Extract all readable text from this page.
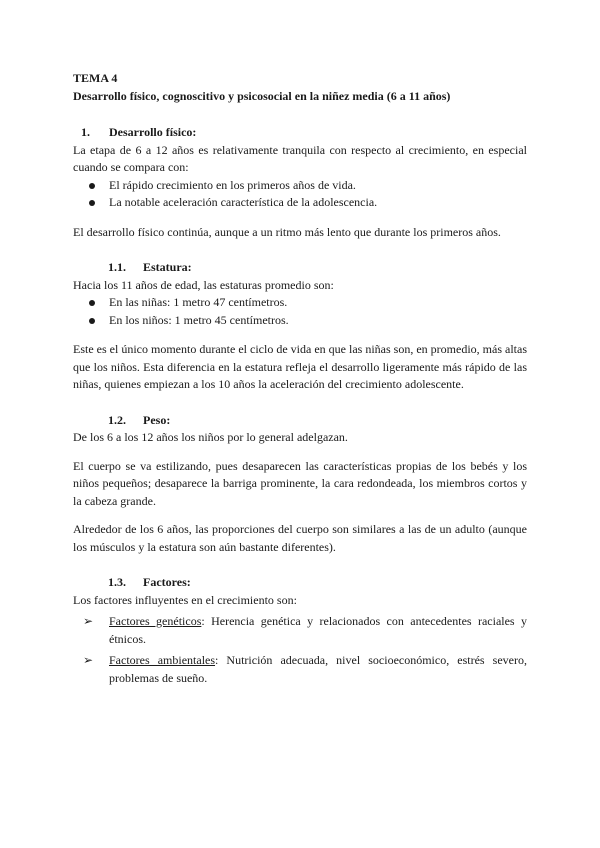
TEMA 4
Desarrollo físico, cognoscitivo y psicosocial en la niñez media (6 a 11 años)
1.	Desarrollo físico:

La etapa de 6 a 12 años es relativamente tranquila con respecto al crecimiento, en especial cuando se compara con:

El rápido crecimiento en los primeros años de vida.
La notable aceleración característica de la adolescencia.

El desarrollo físico continúa, aunque a un ritmo más lento que durante los primeros años.

1.1.	Estatura:

Hacia los 11 años de edad, las estaturas promedio son:

En las niñas: 1 metro 47 centímetros.
En los niños: 1 metro 45 centímetros.

Este es el único momento durante el ciclo de vida en que las niñas son, en promedio, más altas que los niños. Esta diferencia en la estatura refleja el desarrollo ligeramente más rápido de las niñas, quienes empiezan a los 10 años la aceleración del crecimiento adolescente.

1.2.	Peso:

De los 6 a los 12 años los niños por lo general adelgazan.

El cuerpo se va estilizando, pues desaparecen las características propias de los bebés y los niños pequeños; desaparece la barriga prominente, la cara redondeada, los miembros cortos y la cabeza grande.

Alrededor de los 6 años, las proporciones del cuerpo son similares a las de un adulto (aunque los músculos y la estatura son aún bastante diferentes).

1.3.	Factores:

Los factores influyentes en el crecimiento son:

➢ Factores genéticos: Herencia genética y relacionados con antecedentes raciales y étnicos.
➢ Factores ambientales: Nutrición adecuada, nivel socioeconómico, estrés severo, problemas de sueño.
